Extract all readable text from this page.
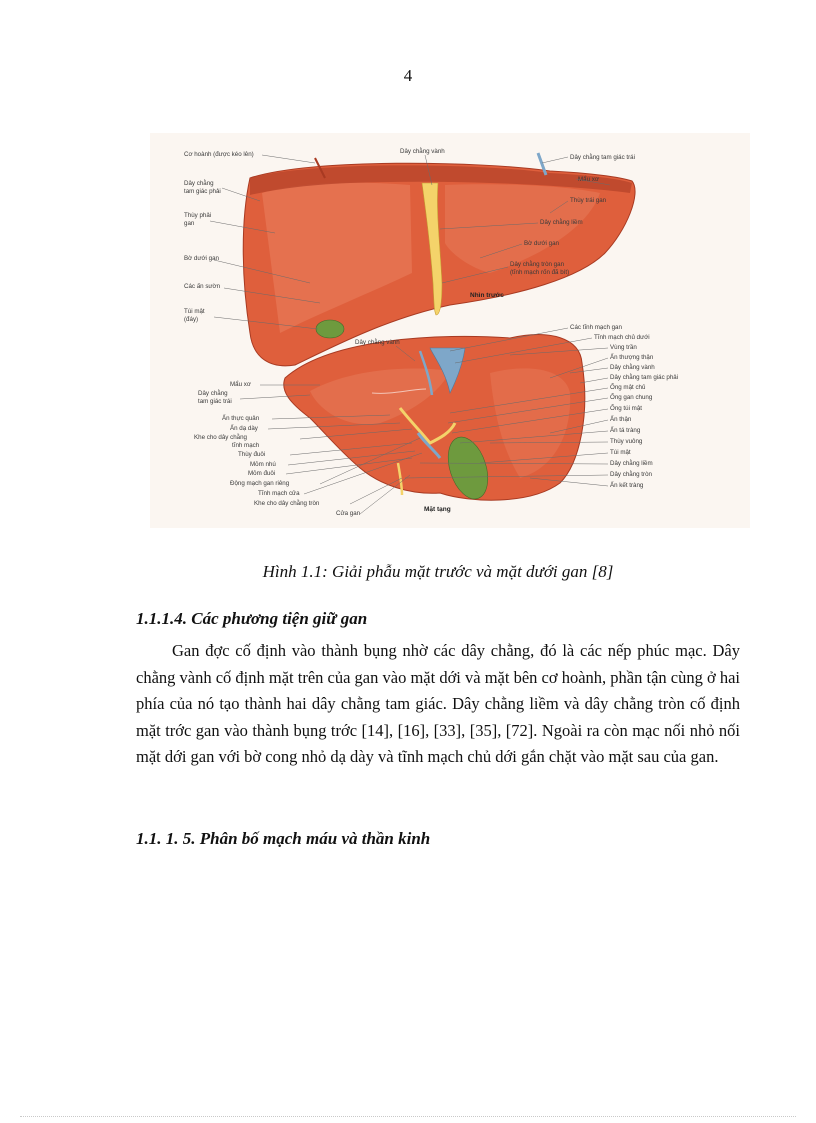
4
Cơ hoành (được kéo lên)
Dây chằng
tam giác phải
Thùy phải
gan
Bờ dưới gan
Các ấn sườn
Túi mật
(đáy)
Dây chằng vành
Dây chằng tam giác trái
Mẩu xơ
Thùy trái gan
Dây chằng liềm
Bờ dưới gan
Dây chằng tròn gan
(tĩnh mạch rốn đã bít)
Nhìn trước
Các tĩnh mạch gan
Tĩnh mạch chủ dưới
Vùng trần
Ấn thượng thận
Dây chằng vành
Dây chằng tam giác phải
Ống mật chủ
Ống gan chung
Ống túi mật
Ấn thận
Ấn tá tràng
Thùy vuông
Túi mật
Dây chằng liềm
Dây chằng tròn
Ấn kết tràng
Dây chằng vành
Mẩu xơ
Dây chằng
tam giác trái
Ấn thực quản
Ấn dạ dày
Khe cho dây chằng
tĩnh mạch
Thùy đuôi
Mỏm nhú
Mỏm đuôi
Động mạch gan riêng
Tĩnh mạch cửa
Khe cho dây chằng tròn
Cửa gan
Mặt tạng
Hình 1.1: Giải phẫu mặt trước và mặt dưới gan [8]
1.1.1.4. Các phương tiện giữ gan

Gan đợc cố định vào thành bụng nhờ các dây chằng, đó là các nếp phúc mạc. Dây chằng vành cố định mặt trên của gan vào mặt dới và mặt bên cơ hoành, phần tận cùng ở hai phía của nó tạo thành hai dây chằng tam giác. Dây chằng liềm và dây chằng tròn cố định mặt trớc gan vào thành bụng trớc [14], [16], [33], [35], [72]. Ngoài ra còn mạc nối nhỏ nối mặt dới gan với bờ cong nhỏ dạ dày và tĩnh mạch chủ dới gắn chặt vào mặt sau của gan.

1.1. 1. 5. Phân bố mạch máu và thần kinh
